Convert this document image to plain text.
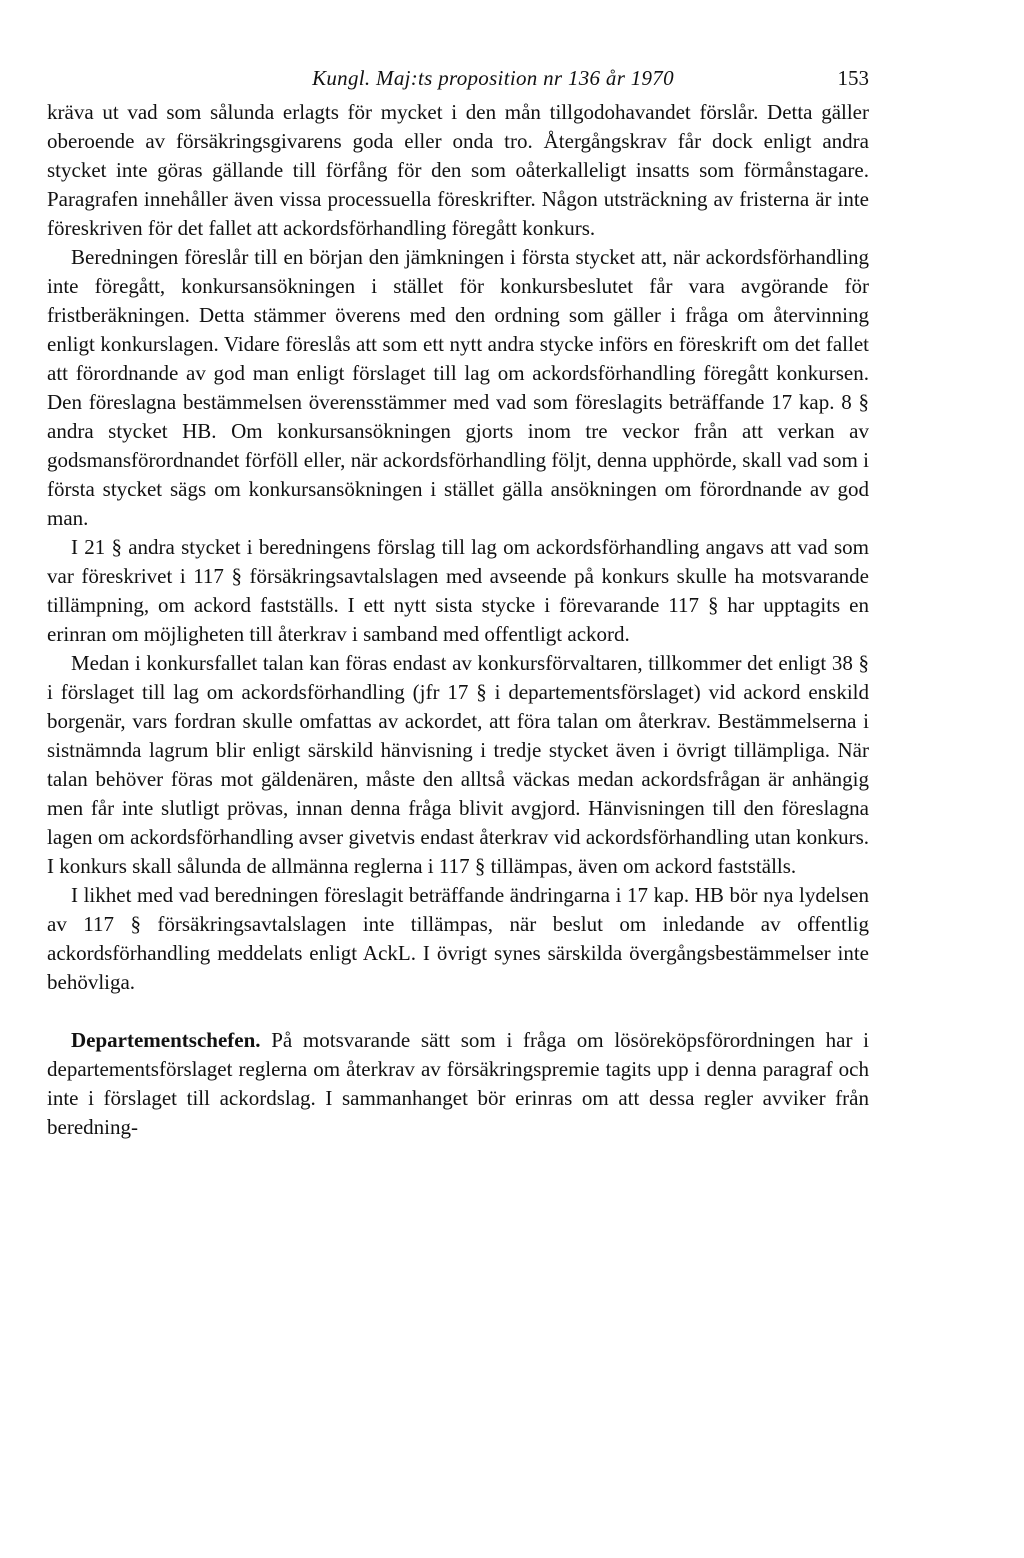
Kungl. Maj:ts proposition nr 136 år 1970	153

kräva ut vad som sålunda erlagts för mycket i den mån tillgodohavandet förslår. Detta gäller oberoende av försäkringsgivarens goda eller onda tro. Återgångskrav får dock enligt andra stycket inte göras gällande till förfång för den som oåterkalleligt insatts som förmånstagare. Paragrafen innehåller även vissa processuella föreskrifter. Någon utsträckning av fristerna är inte föreskriven för det fallet att ackordsförhandling föregått konkurs.

Beredningen föreslår till en början den jämkningen i första stycket att, när ackordsförhandling inte föregått, konkursansökningen i stället för konkursbeslutet får vara avgörande för fristberäkningen. Detta stämmer överens med den ordning som gäller i fråga om återvinning enligt konkurslagen. Vidare föreslås att som ett nytt andra stycke införs en föreskrift om det fallet att förordnande av god man enligt förslaget till lag om ackordsförhandling föregått konkursen. Den föreslagna bestämmelsen överensstämmer med vad som föreslagits beträffande 17 kap. 8 § andra stycket HB. Om konkursansökningen gjorts inom tre veckor från att verkan av godsmansförordnandet förföll eller, när ackordsförhandling följt, denna upphörde, skall vad som i första stycket sägs om konkursansökningen i stället gälla ansökningen om förordnande av god man.

I 21 § andra stycket i beredningens förslag till lag om ackordsförhandling angavs att vad som var föreskrivet i 117 § försäkringsavtalslagen med avseende på konkurs skulle ha motsvarande tillämpning, om ackord fastställs. I ett nytt sista stycke i förevarande 117 § har upptagits en erinran om möjligheten till återkrav i samband med offentligt ackord.

Medan i konkursfallet talan kan föras endast av konkursförvaltaren, tillkommer det enligt 38 § i förslaget till lag om ackordsförhandling (jfr 17 § i departementsförslaget) vid ackord enskild borgenär, vars fordran skulle omfattas av ackordet, att föra talan om återkrav. Bestämmelserna i sistnämnda lagrum blir enligt särskild hänvisning i tredje stycket även i övrigt tillämpliga. När talan behöver föras mot gäldenären, måste den alltså väckas medan ackordsfrågan är anhängig men får inte slutligt prövas, innan denna fråga blivit avgjord. Hänvisningen till den föreslagna lagen om ackordsförhandling avser givetvis endast återkrav vid ackordsförhandling utan konkurs. I konkurs skall sålunda de allmänna reglerna i 117 § tillämpas, även om ackord fastställs.

I likhet med vad beredningen föreslagit beträffande ändringarna i 17 kap. HB bör nya lydelsen av 117 § försäkringsavtalslagen inte tillämpas, när beslut om inledande av offentlig ackordsförhandling meddelats enligt AckL. I övrigt synes särskilda övergångsbestämmelser inte behövliga.

Departementschefen. På motsvarande sätt som i fråga om lösöreköpsförordningen har i departementsförslaget reglerna om återkrav av försäkringspremie tagits upp i denna paragraf och inte i förslaget till ackordslag. I sammanhanget bör erinras om att dessa regler avviker från beredning-
